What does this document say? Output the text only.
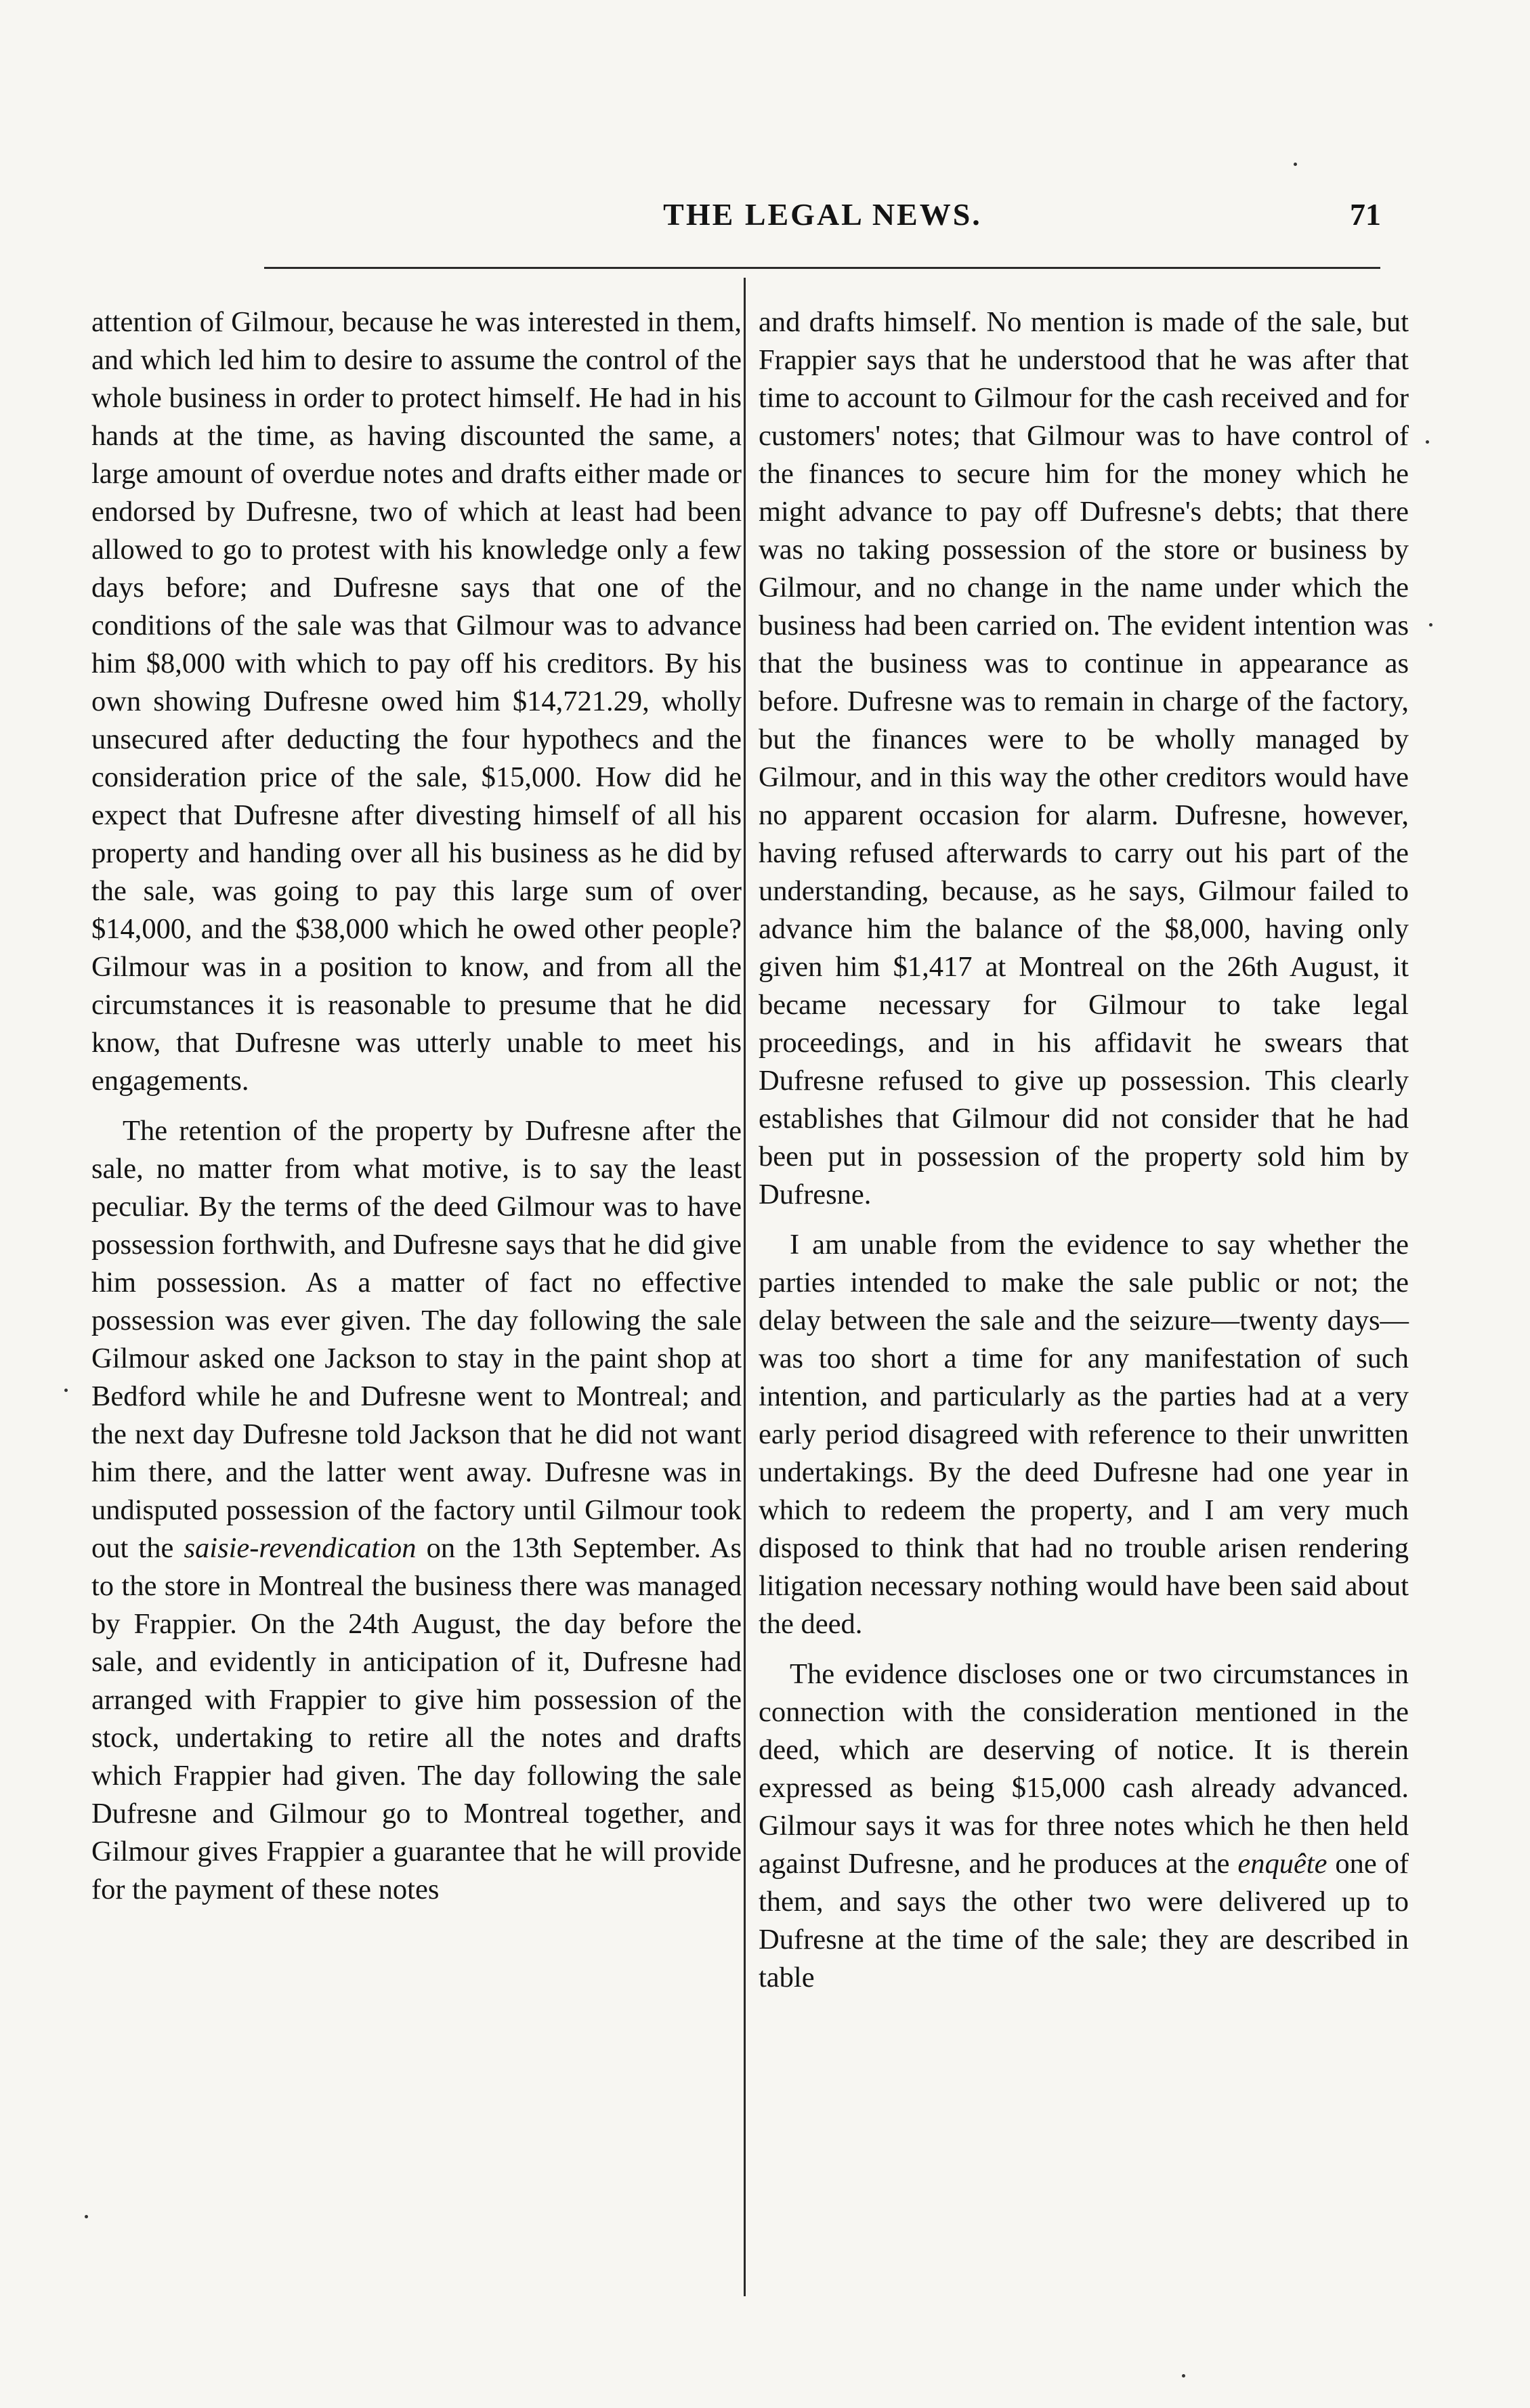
THE LEGAL NEWS.	71

attention of Gilmour, because he was interested in them, and which led him to desire to assume the control of the whole business in order to protect himself. He had in his hands at the time, as having discounted the same, a large amount of overdue notes and drafts either made or endorsed by Dufresne, two of which at least had been allowed to go to protest with his knowledge only a few days before; and Dufresne says that one of the conditions of the sale was that Gilmour was to advance him $8,000 with which to pay off his creditors. By his own showing Dufresne owed him $14,721.29, wholly unsecured after deducting the four hypothecs and the consideration price of the sale, $15,000. How did he expect that Dufresne after divesting himself of all his property and handing over all his business as he did by the sale, was going to pay this large sum of over $14,000, and the $38,000 which he owed other people? Gilmour was in a position to know, and from all the circumstances it is reasonable to presume that he did know, that Dufresne was utterly unable to meet his engagements.

The retention of the property by Dufresne after the sale, no matter from what motive, is to say the least peculiar. By the terms of the deed Gilmour was to have possession forthwith, and Dufresne says that he did give him possession. As a matter of fact no effective possession was ever given. The day following the sale Gilmour asked one Jackson to stay in the paint shop at Bedford while he and Dufresne went to Montreal; and the next day Dufresne told Jackson that he did not want him there, and the latter went away. Dufresne was in undisputed possession of the factory until Gilmour took out the saisie-revendication on the 13th September. As to the store in Montreal the business there was managed by Frappier. On the 24th August, the day before the sale, and evidently in anticipation of it, Dufresne had arranged with Frappier to give him possession of the stock, undertaking to retire all the notes and drafts which Frappier had given. The day following the sale Dufresne and Gilmour go to Montreal together, and Gilmour gives Frappier a guarantee that he will provide for the payment of these notes

and drafts himself. No mention is made of the sale, but Frappier says that he understood that he was after that time to account to Gilmour for the cash received and for customers' notes; that Gilmour was to have control of the finances to secure him for the money which he might advance to pay off Dufresne's debts; that there was no taking possession of the store or business by Gilmour, and no change in the name under which the business had been carried on. The evident intention was that the business was to continue in appearance as before. Dufresne was to remain in charge of the factory, but the finances were to be wholly managed by Gilmour, and in this way the other creditors would have no apparent occasion for alarm. Dufresne, however, having refused afterwards to carry out his part of the understanding, because, as he says, Gilmour failed to advance him the balance of the $8,000, having only given him $1,417 at Montreal on the 26th August, it became necessary for Gilmour to take legal proceedings, and in his affidavit he swears that Dufresne refused to give up possession. This clearly establishes that Gilmour did not consider that he had been put in possession of the property sold him by Dufresne.

I am unable from the evidence to say whether the parties intended to make the sale public or not; the delay between the sale and the seizure—twenty days—was too short a time for any manifestation of such intention, and particularly as the parties had at a very early period disagreed with reference to their unwritten undertakings. By the deed Dufresne had one year in which to redeem the property, and I am very much disposed to think that had no trouble arisen rendering litigation necessary nothing would have been said about the deed.

The evidence discloses one or two circumstances in connection with the consideration mentioned in the deed, which are deserving of notice. It is therein expressed as being $15,000 cash already advanced. Gilmour says it was for three notes which he then held against Dufresne, and he produces at the enquête one of them, and says the other two were delivered up to Dufresne at the time of the sale; they are described in table
